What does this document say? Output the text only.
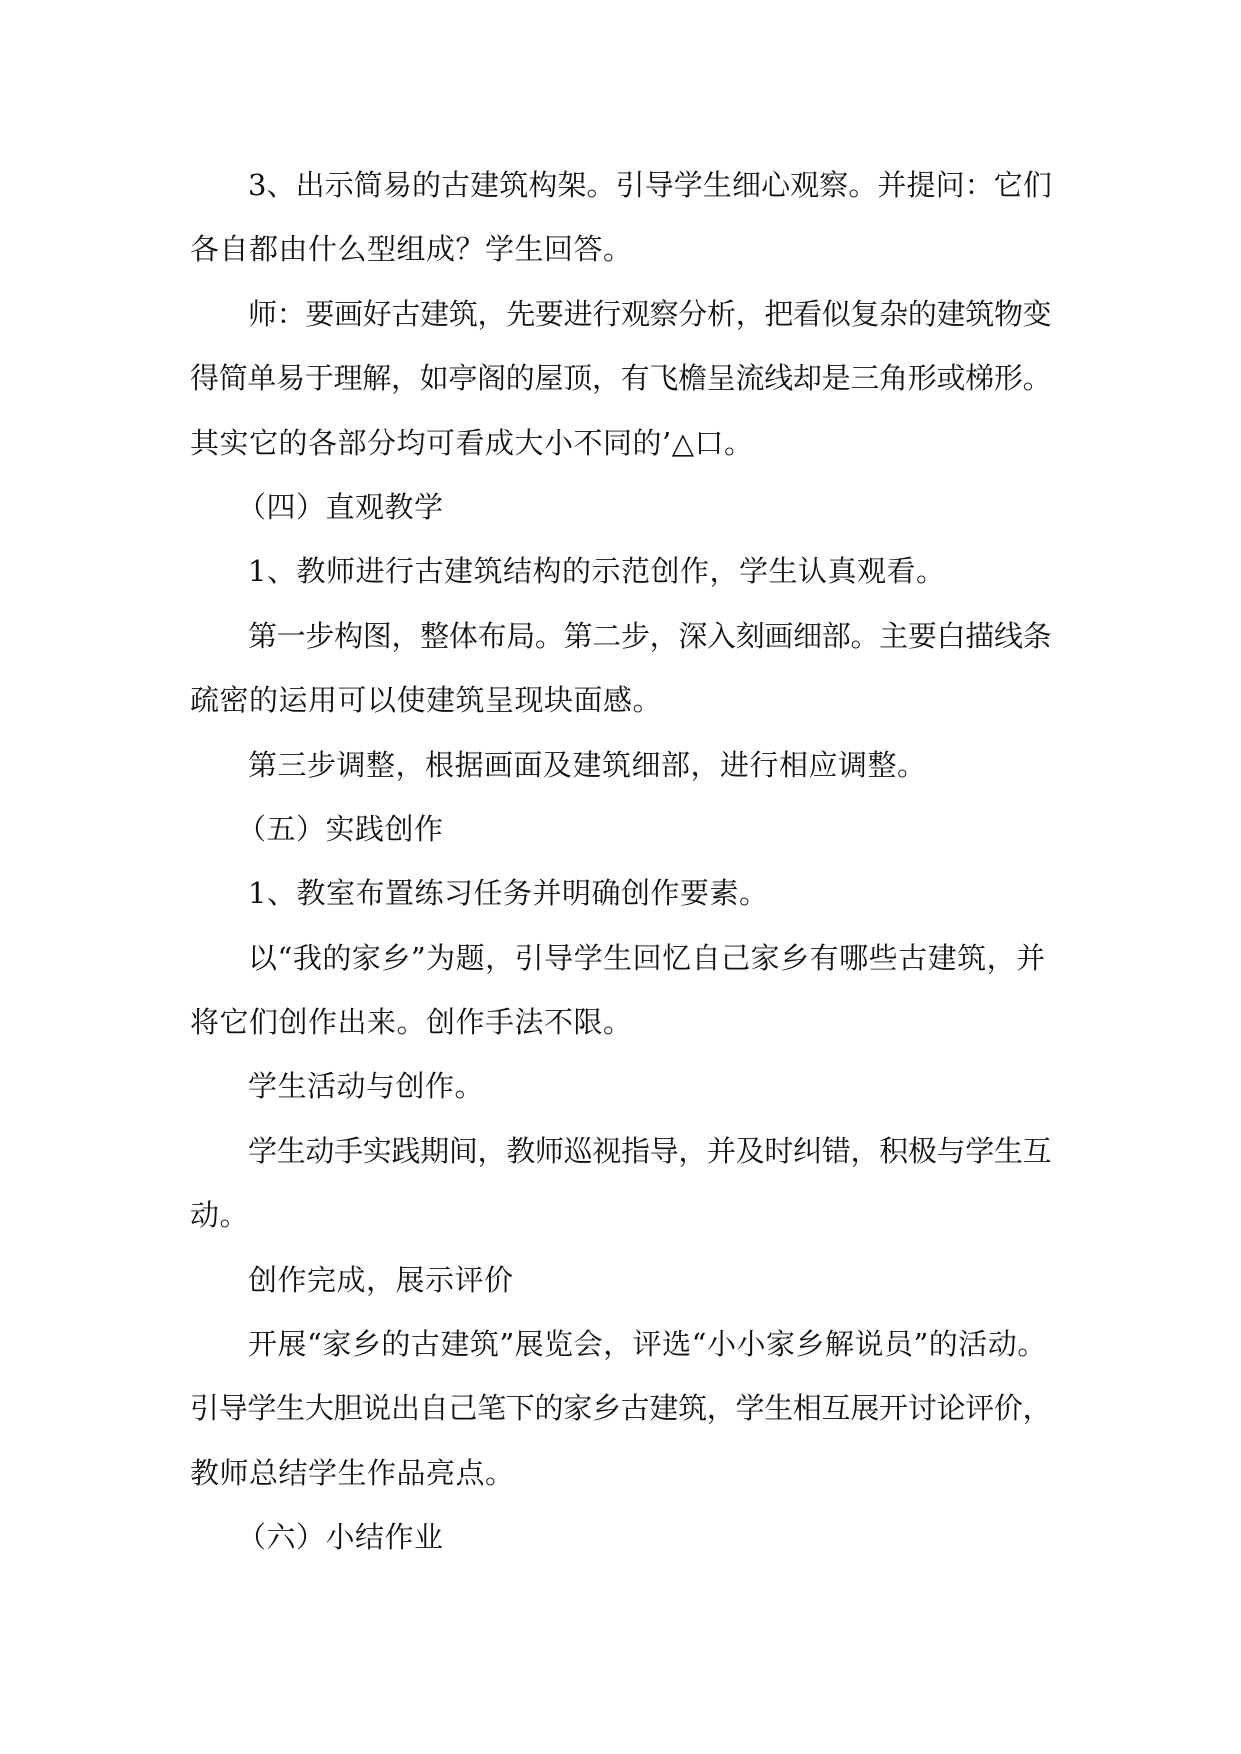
3、出示简易的古建筑构架。引导学生细心观察。并提问：它们
各自都由什么型组成？学生回答。
师：要画好古建筑，先要进行观察分析，把看似复杂的建筑物变
得简单易于理解，如亭阁的屋顶，有飞檐呈流线却是三角形或梯形。
其实它的各部分均可看成大小不同的’△口。
（四）直观教学
1、教师进行古建筑结构的示范创作，学生认真观看。
第一步构图，整体布局。第二步，深入刻画细部。主要白描线条
疏密的运用可以使建筑呈现块面感。
第三步调整，根据画面及建筑细部，进行相应调整。
（五）实践创作
1、教室布置练习任务并明确创作要素。
以“我的家乡”为题，引导学生回忆自己家乡有哪些古建筑，并
将它们创作出来。创作手法不限。
学生活动与创作。
学生动手实践期间，教师巡视指导，并及时纠错，积极与学生互
动。
创作完成，展示评价
开展“家乡的古建筑”展览会，评选“小小家乡解说员”的活动。
引导学生大胆说出自己笔下的家乡古建筑，学生相互展开讨论评价，
教师总结学生作品亮点。
（六）小结作业
